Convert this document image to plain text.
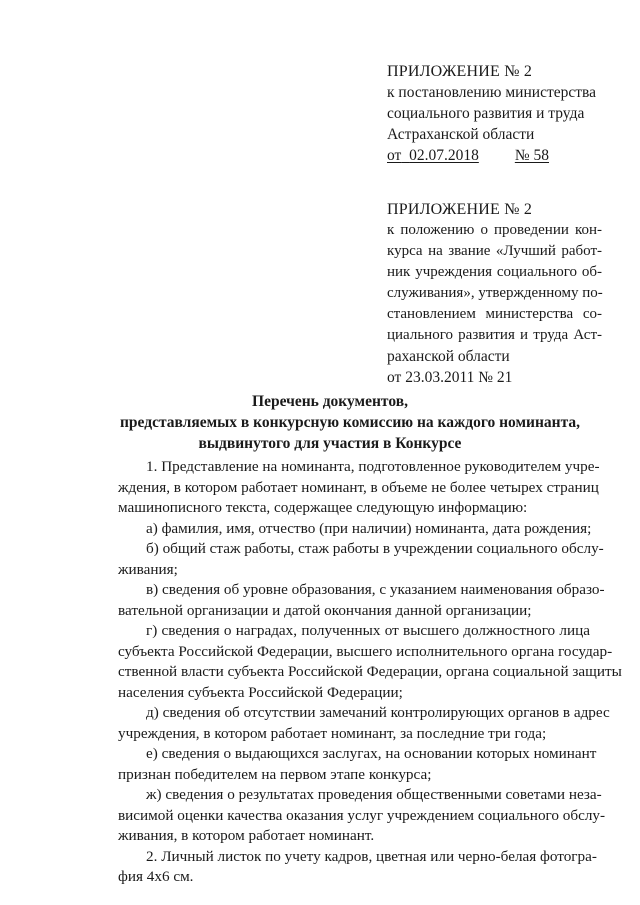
ПРИЛОЖЕНИЕ № 2
к постановлению министерства
социального развития и труда
Астраханской области
от 02.07.2018 № 58
ПРИЛОЖЕНИЕ № 2
к положению о проведении кон-
курса на звание «Лучший работ-
ник учреждения социального об-
служивания», утвержденному по-
становлением министерства со-
циального развития и труда Аст-
раханской области
от 23.03.2011 № 21
Перечень документов,
представляемых в конкурсную комиссию на каждого номинанта,
выдвинутого для участия в Конкурсе
1. Представление на номинанта, подготовленное руководителем учре-
ждения, в котором работает номинант, в объеме не более четырех страниц
машинописного текста, содержащее следующую информацию:
а) фамилия, имя, отчество (при наличии) номинанта, дата рождения;
б) общий стаж работы, стаж работы в учреждении социального обслу-
живания;
в) сведения об уровне образования, с указанием наименования образо-
вательной организации и датой окончания данной организации;
г) сведения о наградах, полученных от высшего должностного лица
субъекта Российской Федерации, высшего исполнительного органа государ-
ственной власти субъекта Российской Федерации, органа социальной защиты
населения субъекта Российской Федерации;
д) сведения об отсутствии замечаний контролирующих органов в адрес
учреждения, в котором работает номинант, за последние три года;
е) сведения о выдающихся заслугах, на основании которых номинант
признан победителем на первом этапе конкурса;
ж) сведения о результатах проведения общественными советами неза-
висимой оценки качества оказания услуг учреждением социального обслу-
живания, в котором работает номинант.
2. Личный листок по учету кадров, цветная или черно-белая фотогра-
фия 4х6 см.
